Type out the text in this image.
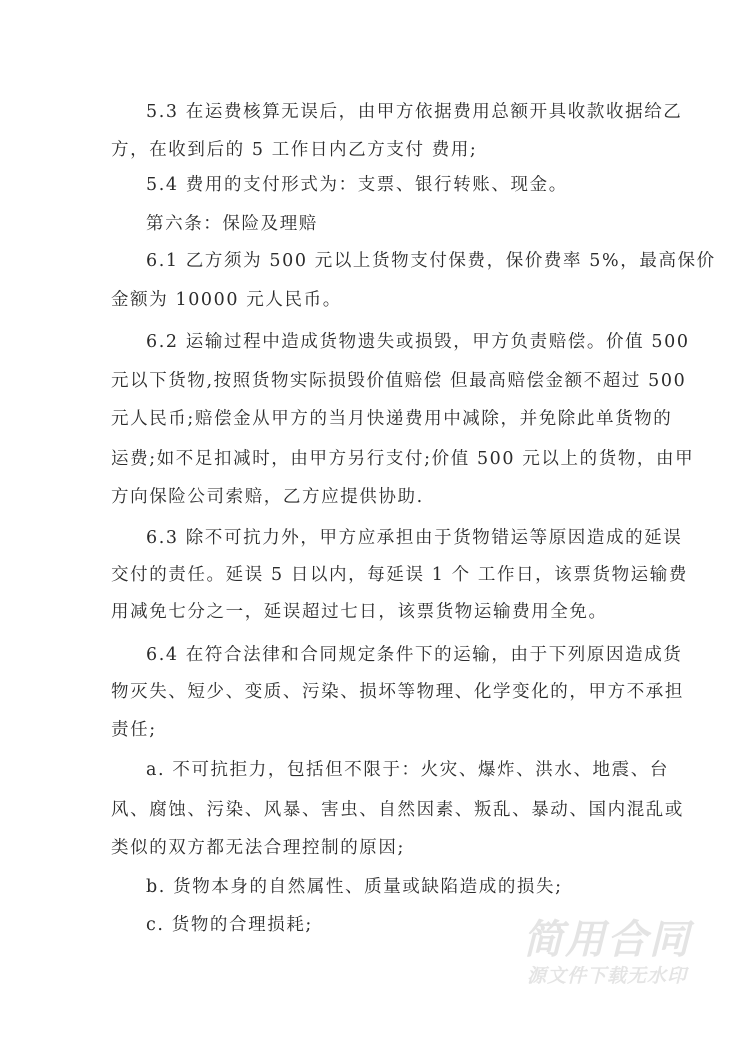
5.3 在运费核算无误后，由甲方依据费用总额开具收款收据给乙
方，在收到后的 5 工作日内乙方支付 费用;
5.4 费用的支付形式为：支票、银行转账、现金。
第六条：保险及理赔
6.1 乙方须为 500 元以上货物支付保费，保价费率 5%，最高保价
金额为 10000 元人民币。
6.2 运输过程中造成货物遗失或损毁，甲方负责赔偿。价值 500
元以下货物,按照货物实际损毁价值赔偿 但最高赔偿金额不超过 500
元人民币;赔偿金从甲方的当月快递费用中减除，并免除此单货物的
运费;如不足扣减时，由甲方另行支付;价值 500 元以上的货物，由甲
方向保险公司索赔，乙方应提供协助.
6.3 除不可抗力外，甲方应承担由于货物错运等原因造成的延误
交付的责任。延误 5 日以内，每延误 1 个 工作日，该票货物运输费
用减免七分之一，延误超过七日，该票货物运输费用全免。
6.4 在符合法律和合同规定条件下的运输，由于下列原因造成货
物灭失、短少、变质、污染、损坏等物理、化学变化的，甲方不承担
责任;
a. 不可抗拒力，包括但不限于：火灾、爆炸、洪水、地震、台
风、腐蚀、污染、风暴、害虫、自然因素、叛乱、暴动、国内混乱或
类似的双方都无法合理控制的原因;
b. 货物本身的自然属性、质量或缺陷造成的损失;
c. 货物的合理损耗;	简用合同
源文件下载无水印
